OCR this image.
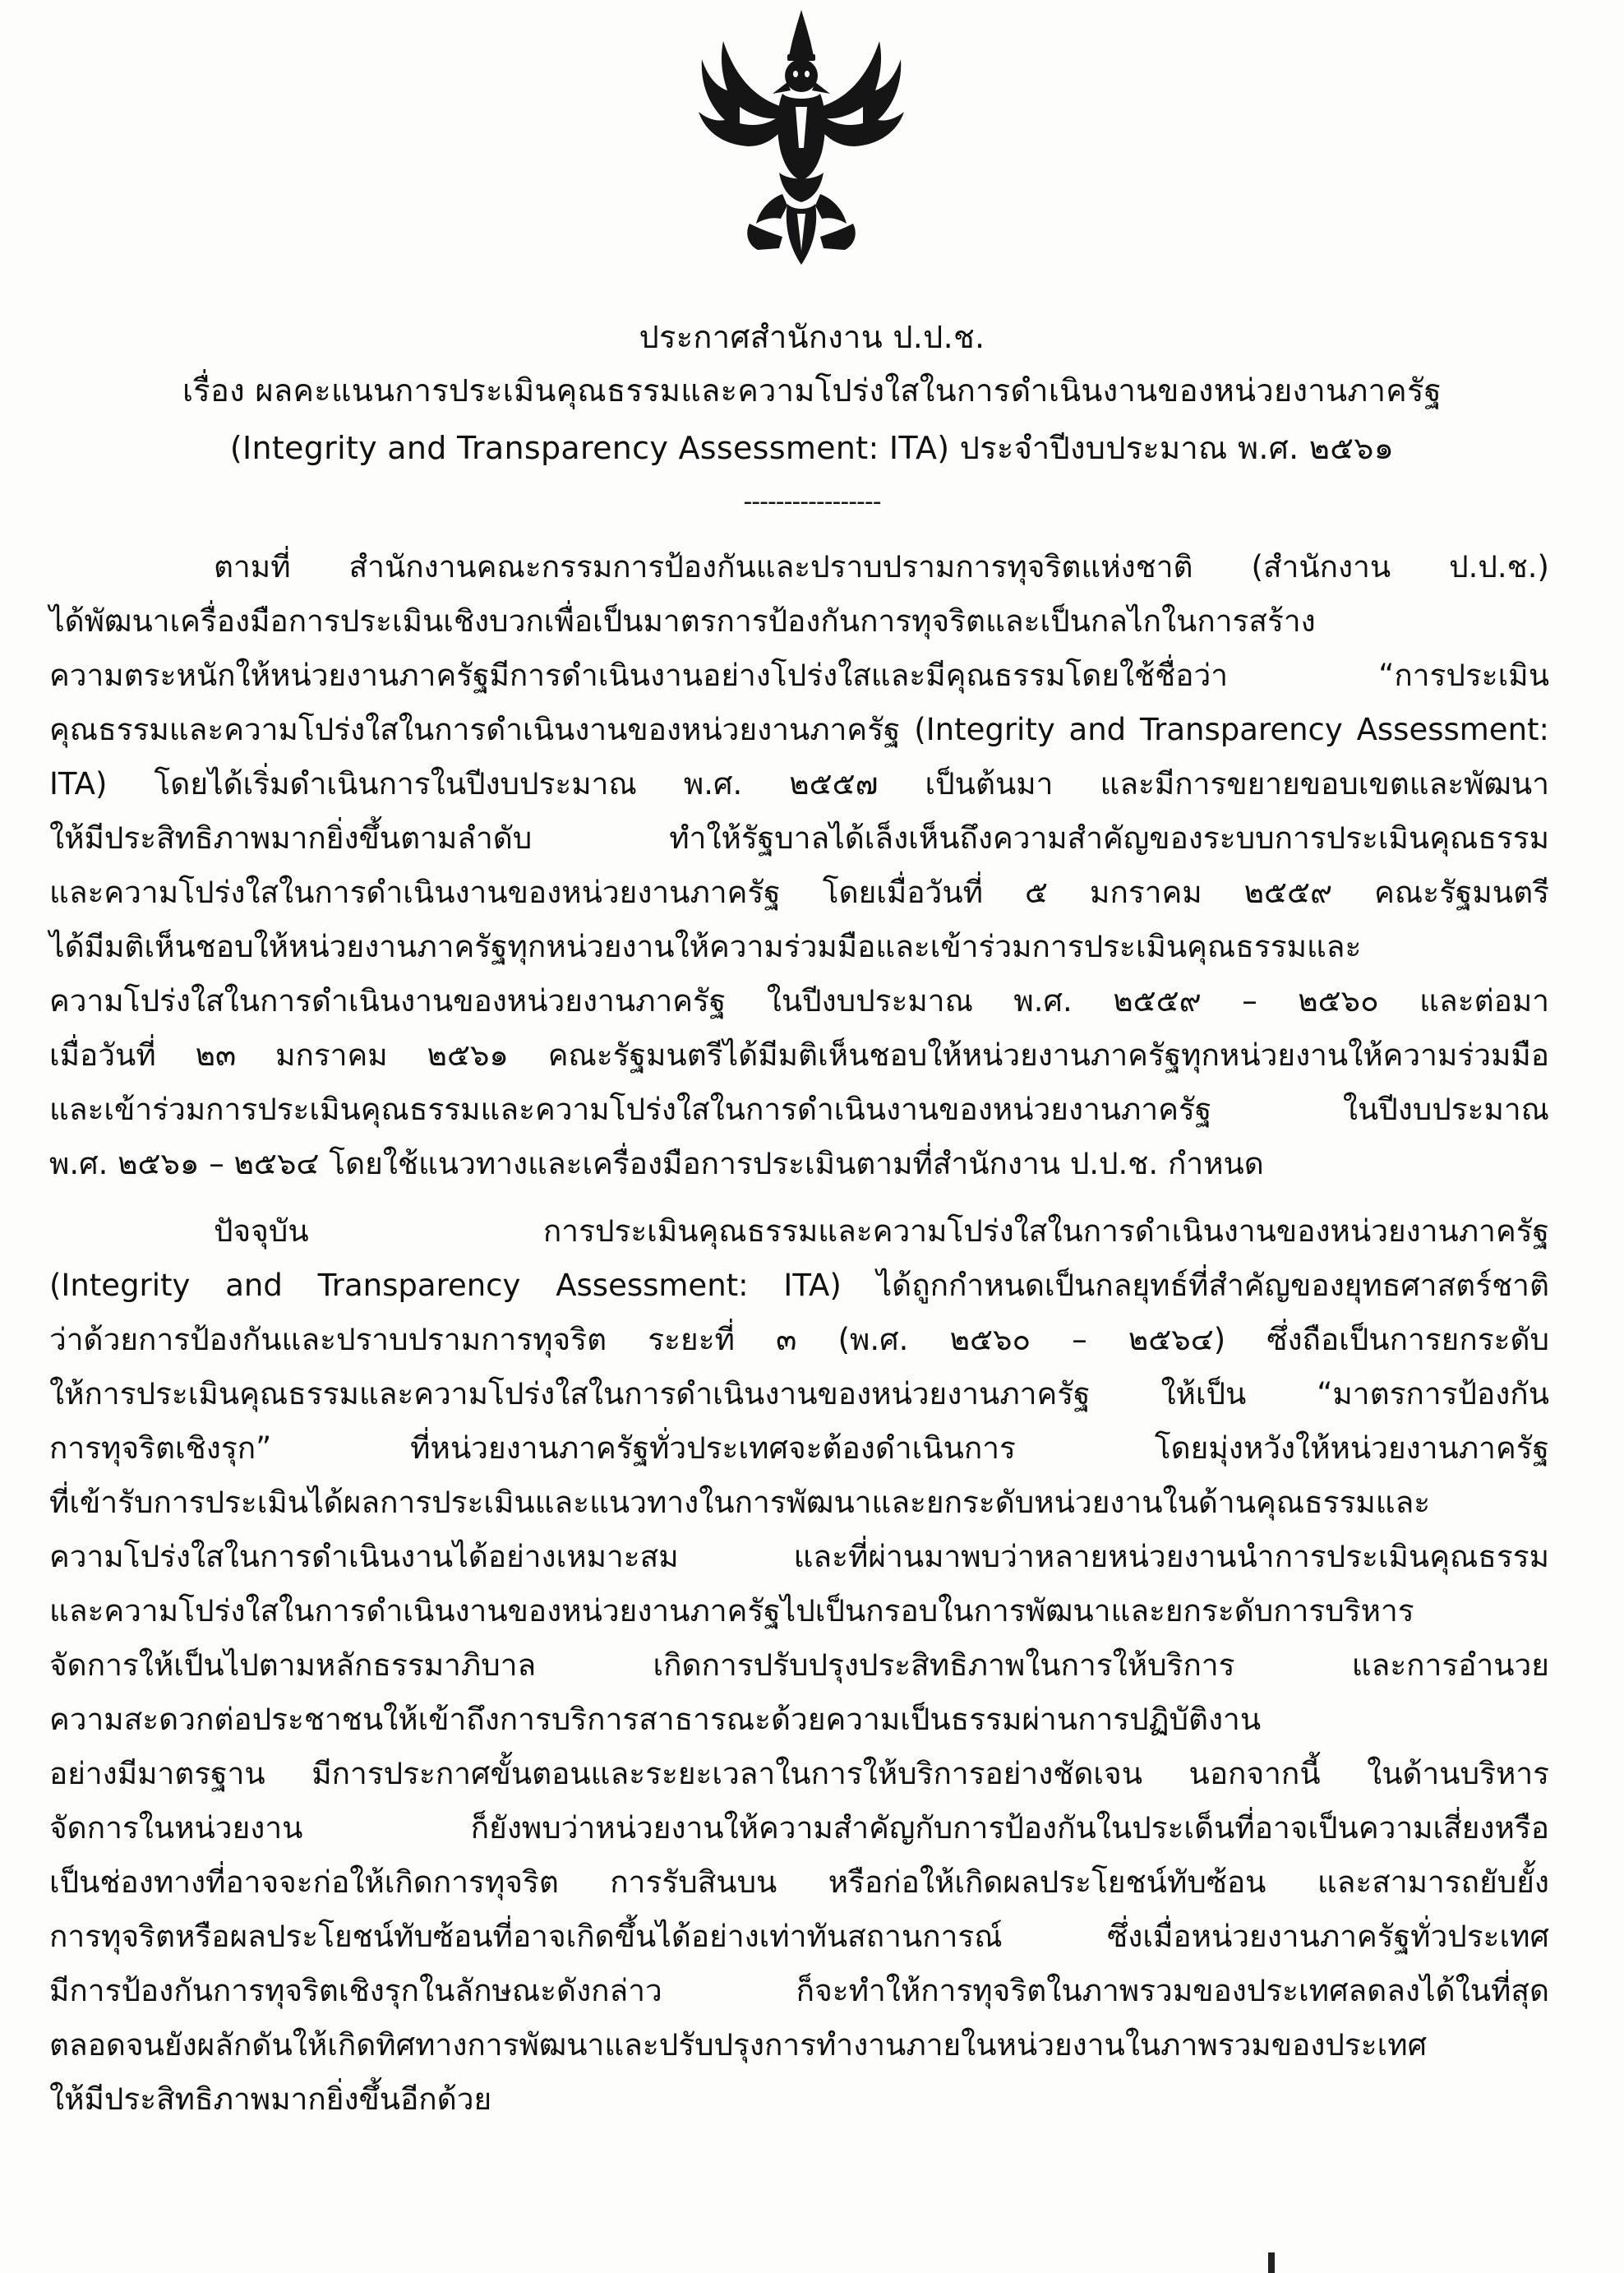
ประกาศสำนักงาน ป.ป.ช.
เรื่อง ผลคะแนนการประเมินคุณธรรมและความโปร่งใสในการดำเนินงานของหน่วยงานภาครัฐ
(Integrity and Transparency Assessment: ITA) ประจำปีงบประมาณ พ.ศ. ๒๕๖๑
-----------------
ตามที่ สำนักงานคณะกรรมการป้องกันและปราบปรามการทุจริตแห่งชาติ (สำนักงาน ป.ป.ช.)
ได้พัฒนาเครื่องมือการประเมินเชิงบวกเพื่อเป็นมาตรการป้องกันการทุจริตและเป็นกลไกในการสร้าง
ความตระหนักให้หน่วยงานภาครัฐมีการดำเนินงานอย่างโปร่งใสและมีคุณธรรมโดยใช้ชื่อว่า “การประเมิน
คุณธรรมและความโปร่งใสในการดำเนินงานของหน่วยงานภาครัฐ (Integrity and Transparency Assessment:
ITA) โดยได้เริ่มดำเนินการในปีงบประมาณ พ.ศ. ๒๕๕๗ เป็นต้นมา และมีการขยายขอบเขตและพัฒนา
ให้มีประสิทธิภาพมากยิ่งขึ้นตามลำดับ ทำให้รัฐบาลได้เล็งเห็นถึงความสำคัญของระบบการประเมินคุณธรรม
และความโปร่งใสในการดำเนินงานของหน่วยงานภาครัฐ โดยเมื่อวันที่ ๕ มกราคม ๒๕๕๙ คณะรัฐมนตรี
ได้มีมติเห็นชอบให้หน่วยงานภาครัฐทุกหน่วยงานให้ความร่วมมือและเข้าร่วมการประเมินคุณธรรมและ
ความโปร่งใสในการดำเนินงานของหน่วยงานภาครัฐ ในปีงบประมาณ พ.ศ. ๒๕๕๙ – ๒๕๖๐ และต่อมา
เมื่อวันที่ ๒๓ มกราคม ๒๕๖๑ คณะรัฐมนตรีได้มีมติเห็นชอบให้หน่วยงานภาครัฐทุกหน่วยงานให้ความร่วมมือ
และเข้าร่วมการประเมินคุณธรรมและความโปร่งใสในการดำเนินงานของหน่วยงานภาครัฐ ในปีงบประมาณ
พ.ศ. ๒๕๖๑ – ๒๕๖๔ โดยใช้แนวทางและเครื่องมือการประเมินตามที่สำนักงาน ป.ป.ช. กำหนด
ปัจจุบัน การประเมินคุณธรรมและความโปร่งใสในการดำเนินงานของหน่วยงานภาครัฐ
(Integrity and Transparency Assessment: ITA) ได้ถูกกำหนดเป็นกลยุทธ์ที่สำคัญของยุทธศาสตร์ชาติ
ว่าด้วยการป้องกันและปราบปรามการทุจริต ระยะที่ ๓ (พ.ศ. ๒๕๖๐ – ๒๕๖๔) ซึ่งถือเป็นการยกระดับ
ให้การประเมินคุณธรรมและความโปร่งใสในการดำเนินงานของหน่วยงานภาครัฐ ให้เป็น “มาตรการป้องกัน
การทุจริตเชิงรุก” ที่หน่วยงานภาครัฐทั่วประเทศจะต้องดำเนินการ โดยมุ่งหวังให้หน่วยงานภาครัฐ
ที่เข้ารับการประเมินได้ผลการประเมินและแนวทางในการพัฒนาและยกระดับหน่วยงานในด้านคุณธรรมและ
ความโปร่งใสในการดำเนินงานได้อย่างเหมาะสม และที่ผ่านมาพบว่าหลายหน่วยงานนำการประเมินคุณธรรม
และความโปร่งใสในการดำเนินงานของหน่วยงานภาครัฐไปเป็นกรอบในการพัฒนาและยกระดับการบริหาร
จัดการให้เป็นไปตามหลักธรรมาภิบาล เกิดการปรับปรุงประสิทธิภาพในการให้บริการ และการอำนวย
ความสะดวกต่อประชาชนให้เข้าถึงการบริการสาธารณะด้วยความเป็นธรรมผ่านการปฏิบัติงาน
อย่างมีมาตรฐาน มีการประกาศขั้นตอนและระยะเวลาในการให้บริการอย่างชัดเจน นอกจากนี้ ในด้านบริหาร
จัดการในหน่วยงาน ก็ยังพบว่าหน่วยงานให้ความสำคัญกับการป้องกันในประเด็นที่อาจเป็นความเสี่ยงหรือ
เป็นช่องทางที่อาจจะก่อให้เกิดการทุจริต การรับสินบน หรือก่อให้เกิดผลประโยชน์ทับซ้อน และสามารถยับยั้ง
การทุจริตหรือผลประโยชน์ทับซ้อนที่อาจเกิดขึ้นได้อย่างเท่าทันสถานการณ์ ซึ่งเมื่อหน่วยงานภาครัฐทั่วประเทศ
มีการป้องกันการทุจริตเชิงรุกในลักษณะดังกล่าว ก็จะทำให้การทุจริตในภาพรวมของประเทศลดลงได้ในที่สุด
ตลอดจนยังผลักดันให้เกิดทิศทางการพัฒนาและปรับปรุงการทำงานภายในหน่วยงานในภาพรวมของประเทศ
ให้มีประสิทธิภาพมากยิ่งขึ้นอีกด้วย
